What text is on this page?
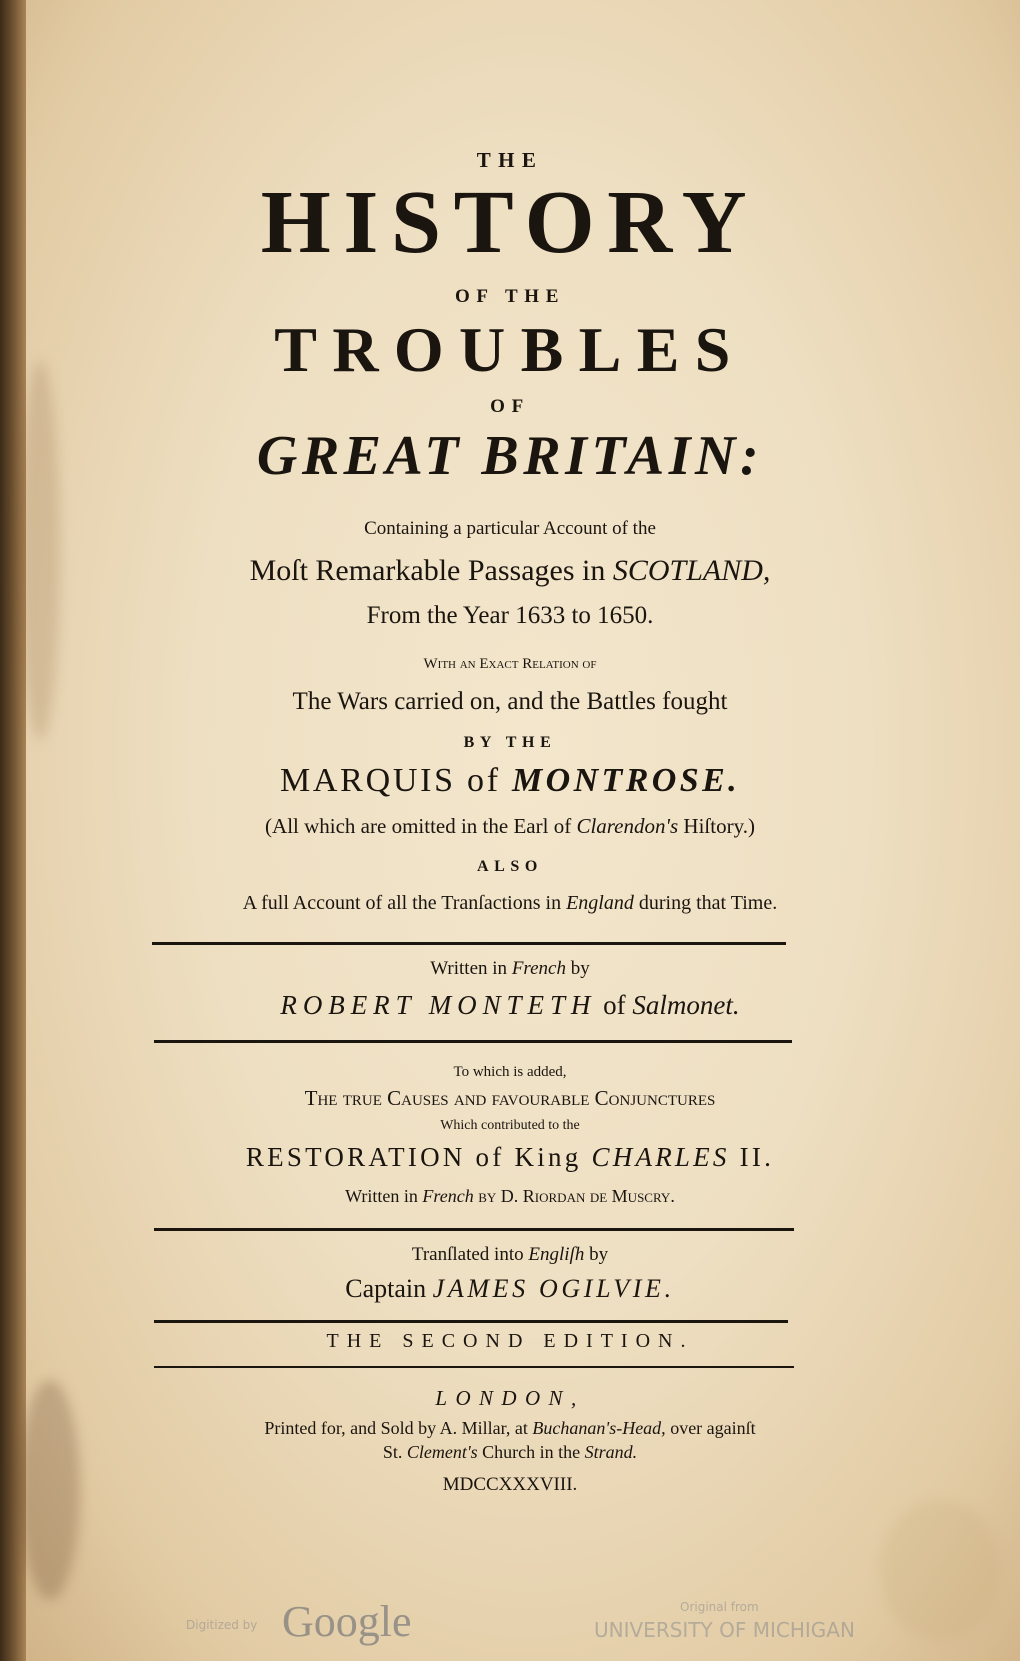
THE
HISTORY
OF THE
TROUBLES
OF
GREAT BRITAIN:
Containing a particular Account of the
Moſt Remarkable Passages in SCOTLAND,
From the Year 1633 to 1650.
With an Exact Relation of
The Wars carried on, and the Battles fought
BY THE
MARQUIS of MONTROSE.
(All which are omitted in the Earl of Clarendon's Hiſtory.)
ALSO
A full Account of all the Tranſactions in England during that Time.
Written in French by
ROBERT MONTETH of Salmonet.
To which is added,
The true Causes and favourable Conjunctures
Which contributed to the
RESTORATION of King CHARLES II.
Written in French by D. Riordan de Muscry.
Tranſlated into Engliſh by
Captain JAMES OGILVIE.
THE SECOND EDITION.
LONDON,
Printed for, and Sold by A. Millar, at Buchanan's-Head, over againſt
St. Clement's Church in the Strand.
MDCCXXXVIII.
Digitized by Google	Original from
UNIVERSITY OF MICHIGAN
